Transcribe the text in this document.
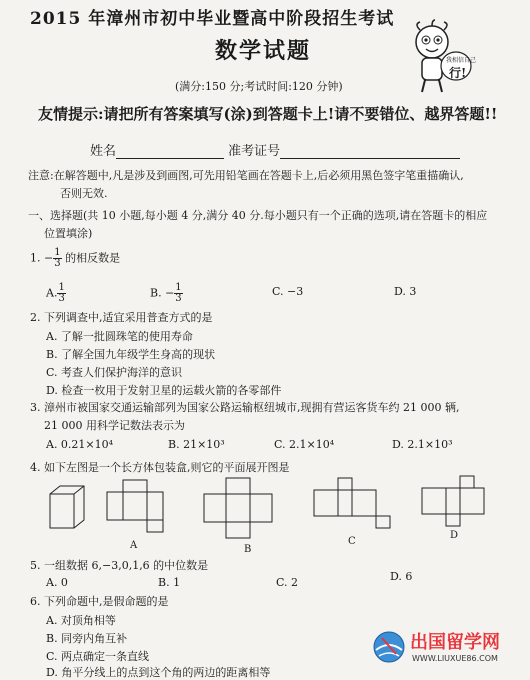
2015 年漳州市初中毕业暨高中阶段招生考试
数学试题
(满分:150 分;考试时间:120 分钟)
我相信自己
行!
友情提示:请把所有答案填写(涂)到答题卡上!请不要错位、越界答题!!
姓名	准考证号
注意:在解答题中,凡是涉及到画图,可先用铅笔画在答题卡上,后必须用黑色签字笔重描确认,
否则无效.
一、选择题(共 10 小题,每小题 4 分,满分 40 分.每小题只有一个正确的选项,请在答题卡的相应
位置填涂)
1. − $\frac{1}{3}$ 的相反数是
A. $\frac{1}{3}$	B. − $\frac{1}{3}$	C. −3	D. 3
2. 下列调查中,适宜采用普查方式的是
A. 了解一批圆珠笔的使用寿命
B. 了解全国九年级学生身高的现状
C. 考查人们保护海洋的意识
D. 检查一枚用于发射卫星的运载火箭的各零部件
3. 漳州市被国家交通运输部列为国家公路运输枢纽城市,现拥有营运客货车约 21 000 辆,
21 000 用科学记数法表示为
A. 0.21×10⁴	B. 21×10³	C. 2.1×10⁴	D. 2.1×10³
4. 如下左图是一个长方体包装盒,则它的平面展开图是
A	B
C
D
5. 一组数据 6,−3,0,1,6 的中位数是
A. 0	B. 1	C. 2	D. 6
6. 下列命题中,是假命题的是
A. 对顶角相等
B. 同旁内角互补
C. 两点确定一条直线
D. 角平分线上的点到这个角的两边的距离相等
出国留学网
WWW.LIUXUE86.COM
